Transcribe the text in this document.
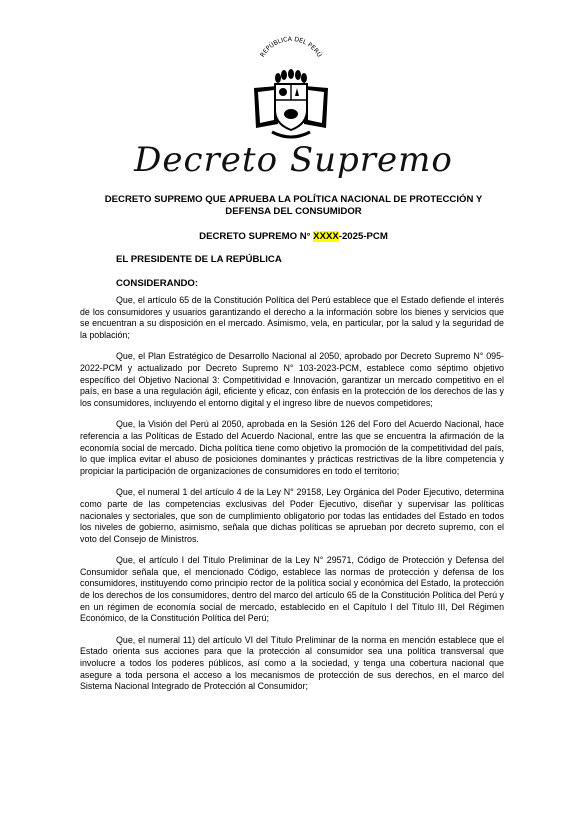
REPÚBLICA DEL PERÚ
Decreto Supremo
DECRETO SUPREMO QUE APRUEBA LA POLÍTICA NACIONAL DE PROTECCIÓN Y DEFENSA DEL CONSUMIDOR
DECRETO SUPREMO N° XXXX-2025-PCM
EL PRESIDENTE DE LA REPÚBLICA
CONSIDERANDO:

Que, el artículo 65 de la Constitución Política del Perú establece que el Estado defiende el interés de los consumidores y usuarios garantizando el derecho a la información sobre los bienes y servicios que se encuentran a su disposición en el mercado. Asimismo, vela, en particular, por la salud y la seguridad de la población;

Que, el Plan Estratégico de Desarrollo Nacional al 2050, aprobado por Decreto Supremo N° 095-2022-PCM y actualizado por Decreto Supremo N° 103-2023-PCM, establece como séptimo objetivo específico del Objetivo Nacional 3: Competitividad e Innovación, garantizar un mercado competitivo en el país, en base a una regulación ágil, eficiente y eficaz, con énfasis en la protección de los derechos de las y los consumidores, incluyendo el entorno digital y el ingreso libre de nuevos competidores;

Que, la Visión del Perú al 2050, aprobada en la Sesión 126 del Foro del Acuerdo Nacional, hace referencia a las Políticas de Estado del Acuerdo Nacional, entre las que se encuentra la afirmación de la economía social de mercado. Dicha política tiene como objetivo la promoción de la competitividad del país, lo que implica evitar el abuso de posiciones dominantes y prácticas restrictivas de la libre competencia y propiciar la participación de organizaciones de consumidores en todo el territorio;

Que, el numeral 1 del artículo 4 de la Ley N° 29158, Ley Orgánica del Poder Ejecutivo, determina como parte de las competencias exclusivas del Poder Ejecutivo, diseñar y supervisar las políticas nacionales y sectoriales, que son de cumplimiento obligatorio por todas las entidades del Estado en todos los niveles de gobierno, asimismo, señala que dichas políticas se aprueban por decreto supremo, con el voto del Consejo de Ministros.

Que, el artículo I del Título Preliminar de la Ley N° 29571, Código de Protección y Defensa del Consumidor señala que, el mencionado Código, establece las normas de protección y defensa de los consumidores, instituyendo como principio rector de la política social y económica del Estado, la protección de los derechos de los consumidores, dentro del marco del artículo 65 de la Constitución Política del Perú y en un régimen de economía social de mercado, establecido en el Capítulo I del Título III, Del Régimen Económico, de la Constitución Política del Perú;

Que, el numeral 11) del artículo VI del Título Preliminar de la norma en mención establece que el Estado orienta sus acciones para que la protección al consumidor sea una política transversal que involucre a todos los poderes públicos, así como a la sociedad, y tenga una cobertura nacional que asegure a toda persona el acceso a los mecanismos de protección de sus derechos, en el marco del Sistema Nacional Integrado de Protección al Consumidor;
